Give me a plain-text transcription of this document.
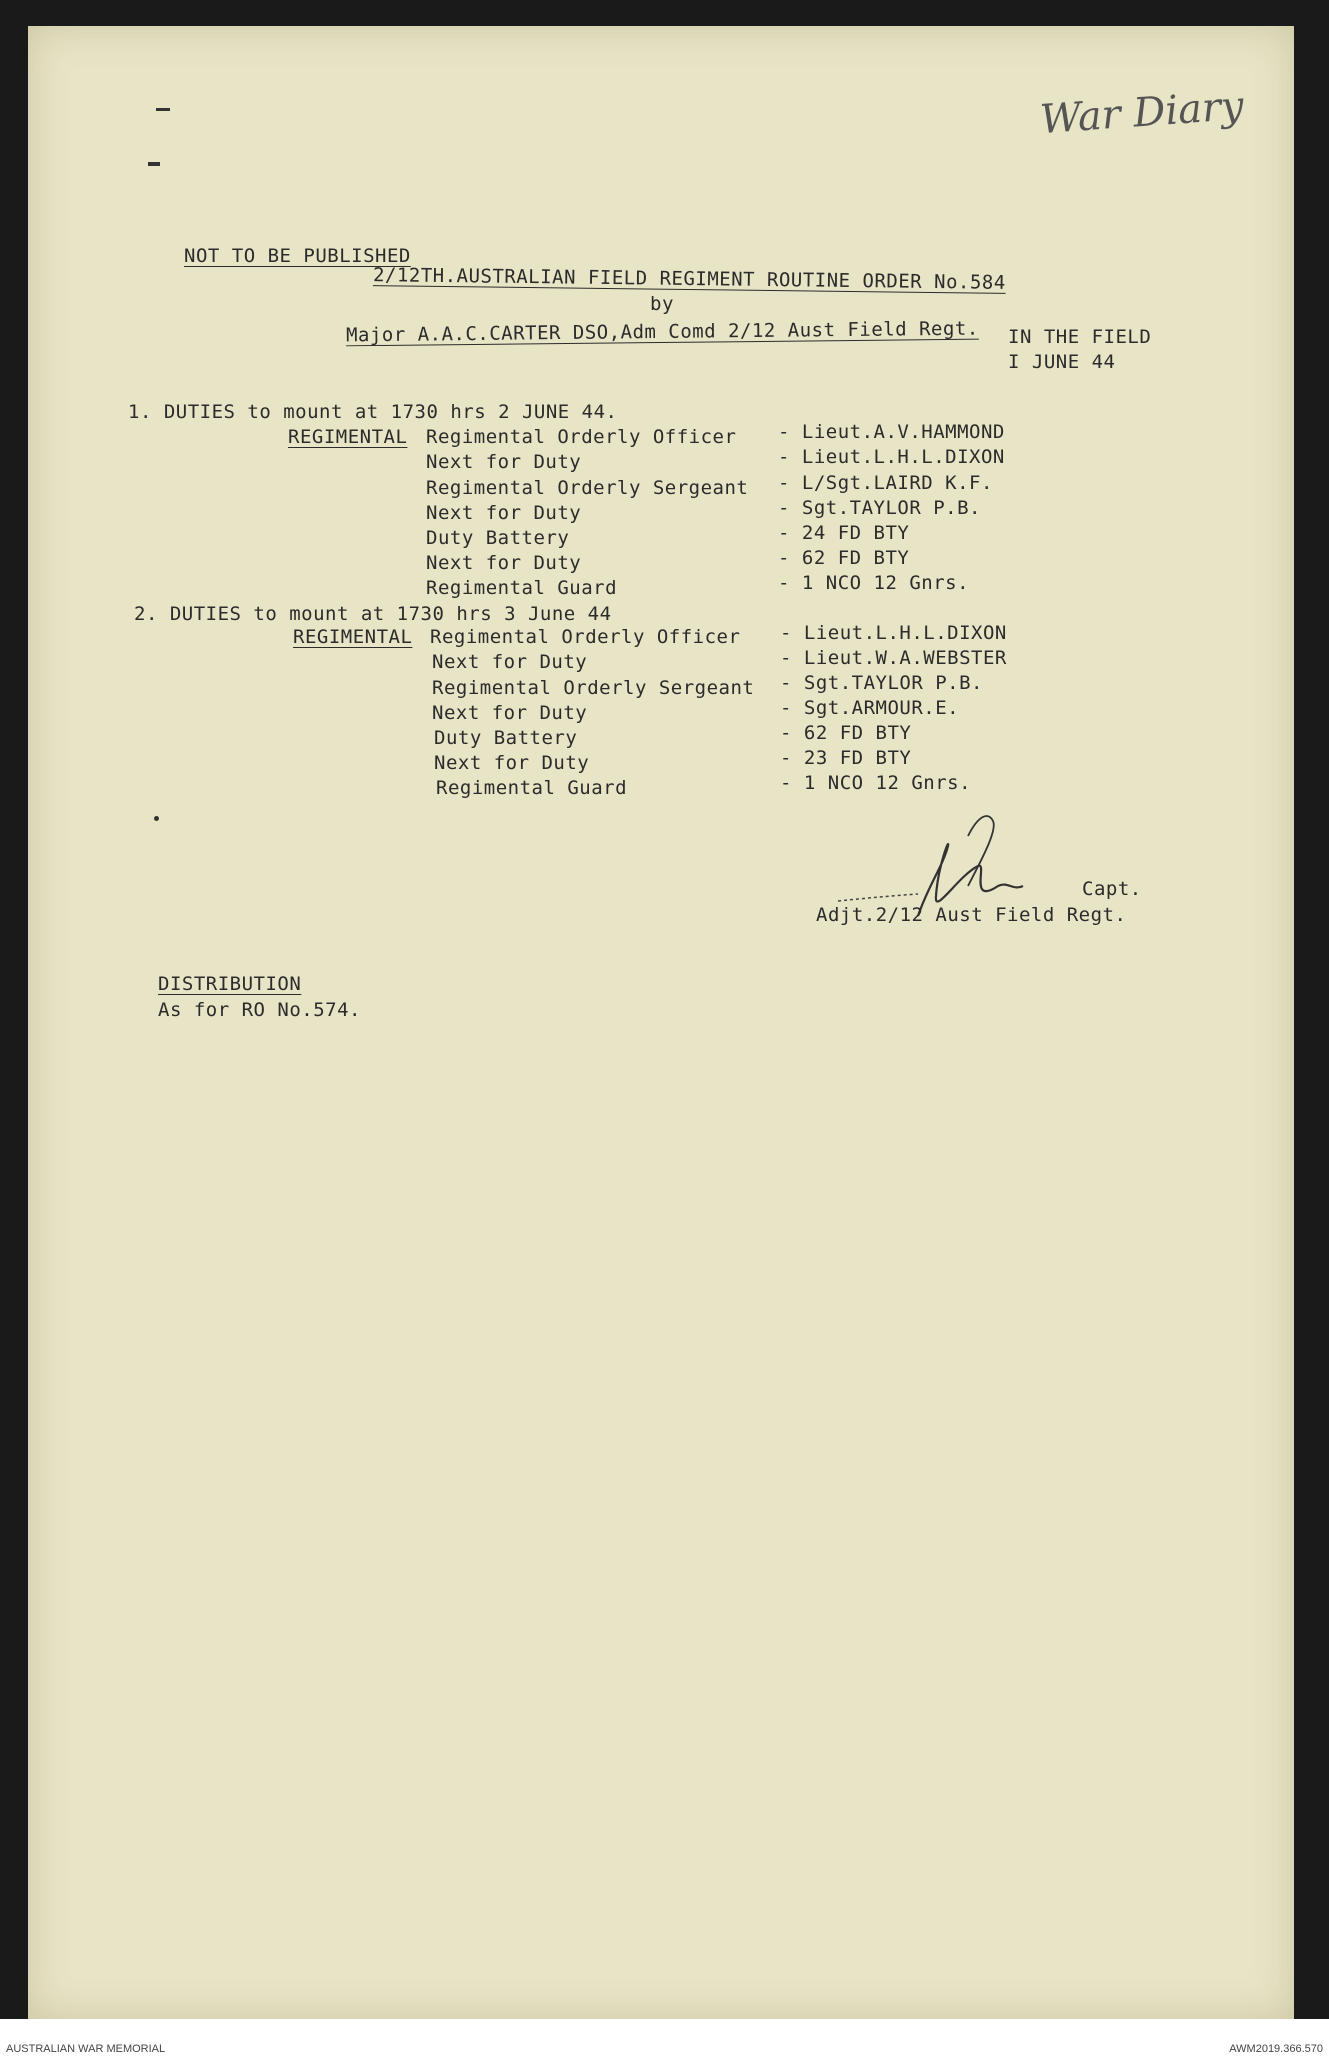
War Diary
NOT TO BE PUBLISHED
2/12TH.AUSTRALIAN FIELD REGIMENT ROUTINE ORDER No.584
by
Major A.A.C.CARTER DSO,Adm Comd 2/12 Aust Field Regt. IN THE FIELD
I JUNE 44
1. DUTIES to mount at 1730 hrs 2 JUNE 44.
REGIMENTAL Regimental Orderly Officer
Next for Duty
Regimental Orderly Sergeant
Next for Duty
Duty Battery
Next for Duty
Regimental Guard
- Lieut.A.V.HAMMOND
- Lieut.L.H.L.DIXON
- L/Sgt.LAIRD K.F.
- Sgt.TAYLOR P.B.
- 24 FD BTY
- 62 FD BTY
- 1 NCO 12 Gnrs.
2. DUTIES to mount at 1730 hrs 3 June 44
REGIMENTAL Regimental Orderly Officer
Next for Duty
Regimental Orderly Sergeant
Next for Duty
Duty Battery
Next for Duty
Regimental Guard
- Lieut.L.H.L.DIXON
- Lieut.W.A.WEBSTER
- Sgt.TAYLOR P.B.
- Sgt.ARMOUR.E.
- 62 FD BTY
- 23 FD BTY
- 1 NCO 12 Gnrs.
Capt.
Adjt.2/12 Aust Field Regt.
DISTRIBUTION
As for RO No.574.
AUSTRALIAN WAR MEMORIAL	AWM2019.366.570
